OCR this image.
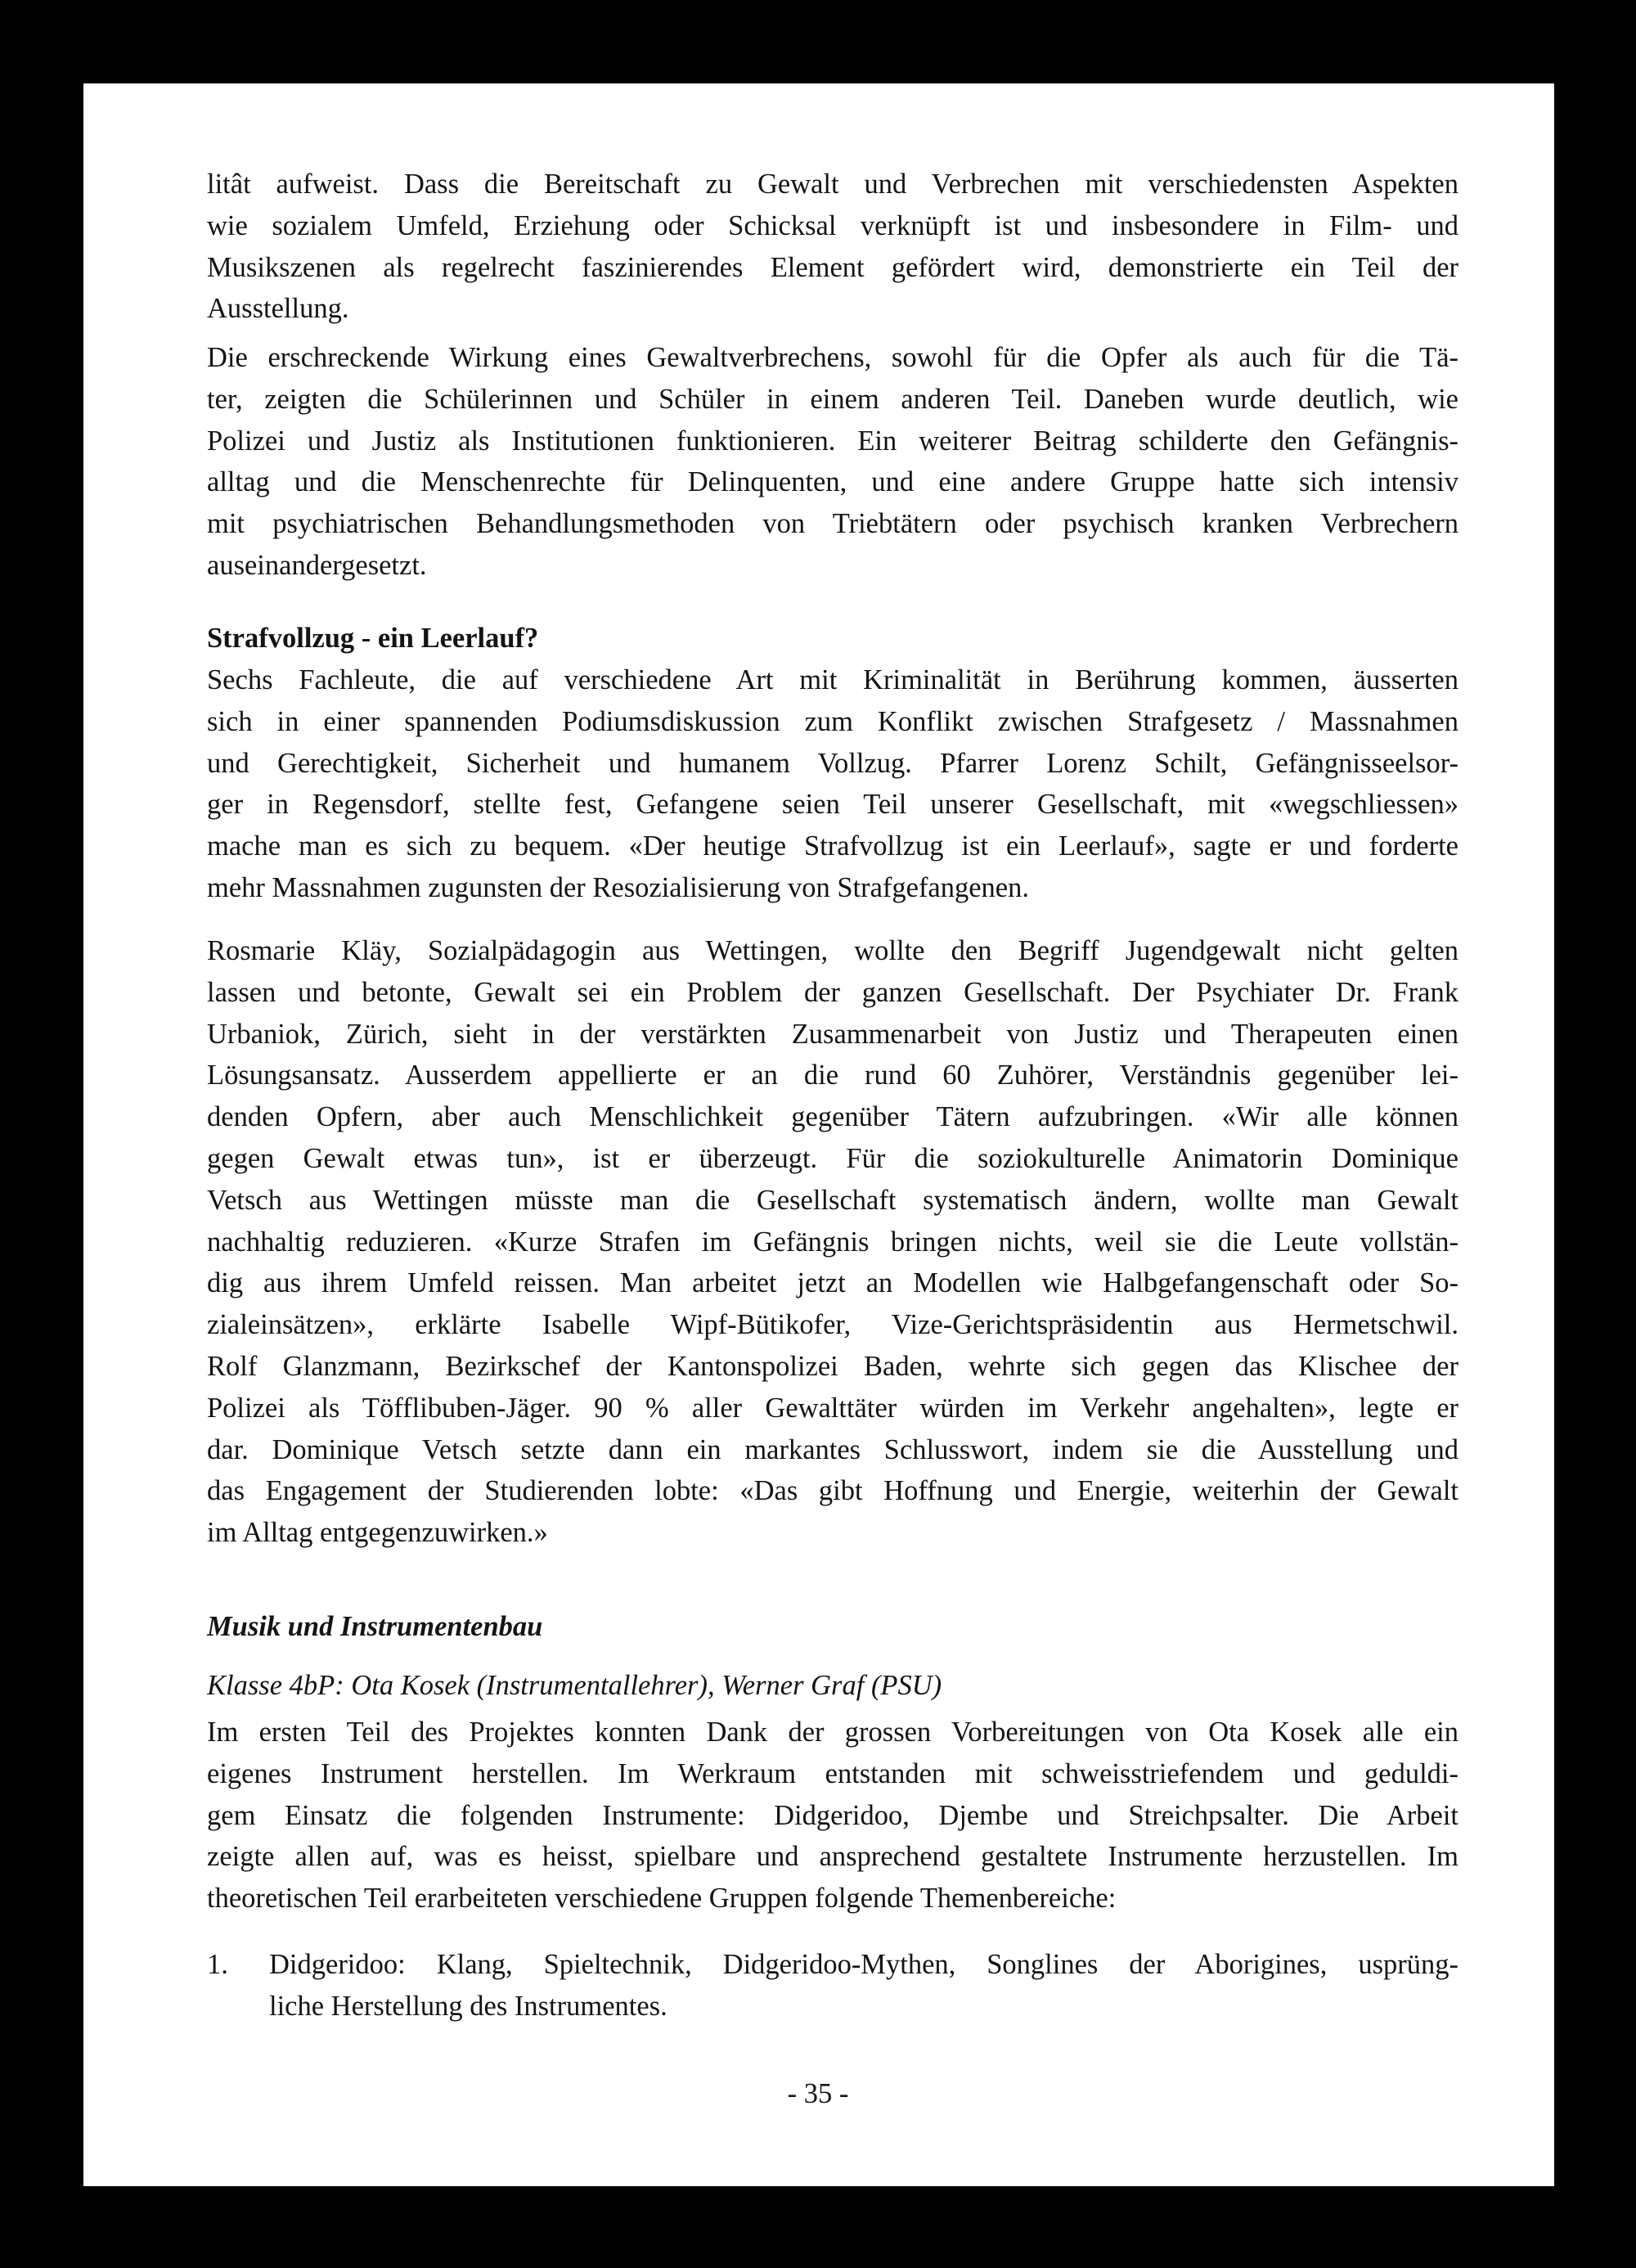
litât aufweist. Dass die Bereitschaft zu Gewalt und Verbrechen mit verschiedensten Aspekten
wie sozialem Umfeld, Erziehung oder Schicksal verknüpft ist und insbesondere in Film- und
Musikszenen als regelrecht faszinierendes Element gefördert wird, demonstrierte ein Teil der
Ausstellung.
Die erschreckende Wirkung eines Gewaltverbrechens, sowohl für die Opfer als auch für die Tä-
ter, zeigten die Schülerinnen und Schüler in einem anderen Teil. Daneben wurde deutlich, wie
Polizei und Justiz als Institutionen funktionieren. Ein weiterer Beitrag schilderte den Gefängnis-
alltag und die Menschenrechte für Delinquenten, und eine andere Gruppe hatte sich intensiv
mit psychiatrischen Behandlungsmethoden von Triebtätern oder psychisch kranken Verbrechern
auseinandergesetzt.
Strafvollzug - ein Leerlauf?
Sechs Fachleute, die auf verschiedene Art mit Kriminalität in Berührung kommen, äusserten
sich in einer spannenden Podiumsdiskussion zum Konflikt zwischen Strafgesetz / Massnahmen
und Gerechtigkeit, Sicherheit und humanem Vollzug. Pfarrer Lorenz Schilt, Gefängnisseelsor-
ger in Regensdorf, stellte fest, Gefangene seien Teil unserer Gesellschaft, mit «wegschliessen»
mache man es sich zu bequem. «Der heutige Strafvollzug ist ein Leerlauf», sagte er und forderte
mehr Massnahmen zugunsten der Resozialisierung von Strafgefangenen.
Rosmarie Kläy, Sozialpädagogin aus Wettingen, wollte den Begriff Jugendgewalt nicht gelten
lassen und betonte, Gewalt sei ein Problem der ganzen Gesellschaft. Der Psychiater Dr. Frank
Urbaniok, Zürich, sieht in der verstärkten Zusammenarbeit von Justiz und Therapeuten einen
Lösungsansatz. Ausserdem appellierte er an die rund 60 Zuhörer, Verständnis gegenüber lei-
denden Opfern, aber auch Menschlichkeit gegenüber Tätern aufzubringen. «Wir alle können
gegen Gewalt etwas tun», ist er überzeugt. Für die soziokulturelle Animatorin Dominique
Vetsch aus Wettingen müsste man die Gesellschaft systematisch ändern, wollte man Gewalt
nachhaltig reduzieren. «Kurze Strafen im Gefängnis bringen nichts, weil sie die Leute vollstän-
dig aus ihrem Umfeld reissen. Man arbeitet jetzt an Modellen wie Halbgefangenschaft oder So-
zialeinsätzen», erklärte Isabelle Wipf-Bütikofer, Vize-Gerichtspräsidentin aus Hermetschwil.
Rolf Glanzmann, Bezirkschef der Kantonspolizei Baden, wehrte sich gegen das Klischee der
Polizei als Töfflibuben-Jäger. 90 % aller Gewalttäter würden im Verkehr angehalten», legte er
dar. Dominique Vetsch setzte dann ein markantes Schlusswort, indem sie die Ausstellung und
das Engagement der Studierenden lobte: «Das gibt Hoffnung und Energie, weiterhin der Gewalt
im Alltag entgegenzuwirken.»
Musik und Instrumentenbau
Klasse 4bP: Ota Kosek (Instrumentallehrer), Werner Graf (PSU)
Im ersten Teil des Projektes konnten Dank der grossen Vorbereitungen von Ota Kosek alle ein
eigenes Instrument herstellen. Im Werkraum entstanden mit schweisstriefendem und geduldi-
gem Einsatz die folgenden Instrumente: Didgeridoo, Djembe und Streichpsalter. Die Arbeit
zeigte allen auf, was es heisst, spielbare und ansprechend gestaltete Instrumente herzustellen. Im
theoretischen Teil erarbeiteten verschiedene Gruppen folgende Themenbereiche:
1. Didgeridoo: Klang, Spieltechnik, Didgeridoo-Mythen, Songlines der Aborigines, usprüng-
liche Herstellung des Instrumentes.
- 35 -
